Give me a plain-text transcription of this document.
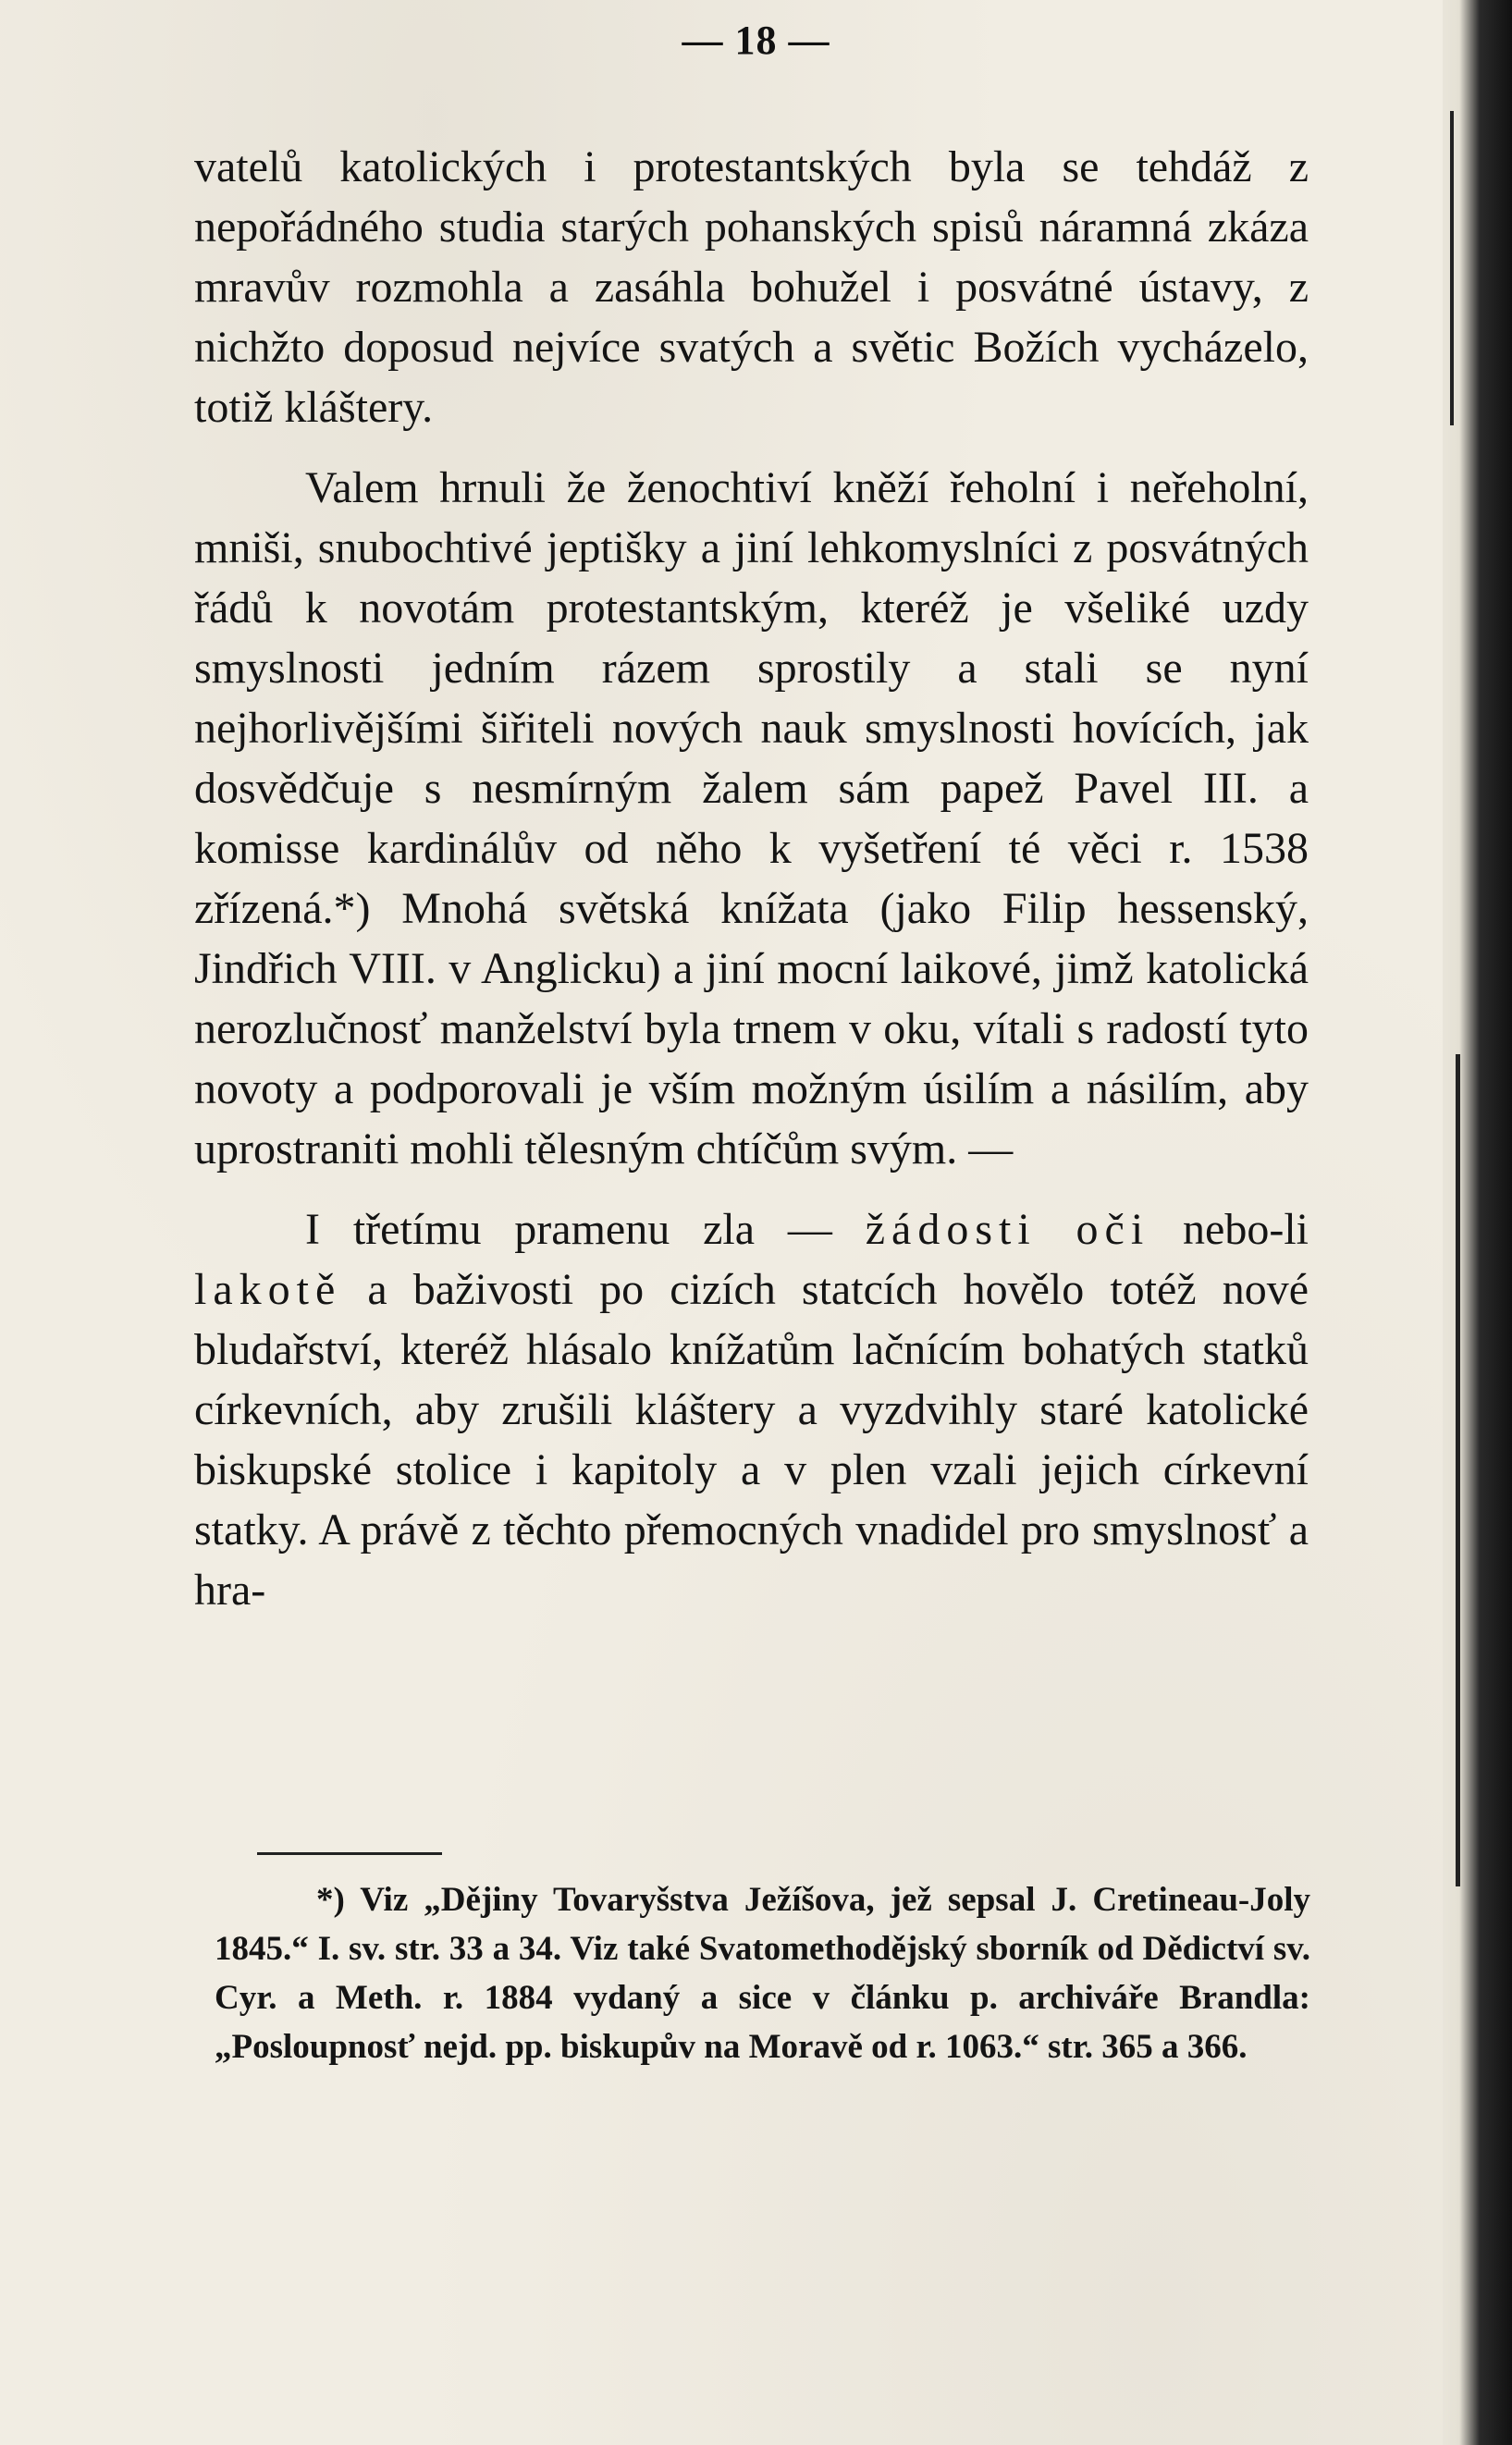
— 18 —

vatelů katolických i protestantských byla se tehdáž z nepořádného studia starých pohanských spisů náramná zkáza mravův rozmohla a zasáhla bohužel i posvátné ústavy, z nichžto doposud nejvíce svatých a světic Božích vycházelo, totiž kláštery.

Valem hrnuli že ženochtiví kněží řeholní i neřeholní, mniši, snubochtivé jeptišky a jiní lehkomyslníci z posvátných řádů k novotám protestantským, kteréž je všeliké uzdy smyslnosti jedním rázem sprostily a stali se nyní nejhorlivějšími šiřiteli nových nauk smyslnosti hovících, jak dosvědčuje s nesmírným žalem sám papež Pavel III. a komisse kardinálův od něho k vyšetření té věci r. 1538 zřízená.*) Mnohá světská knížata (jako Filip hessenský, Jindřich VIII. v Anglicku) a jiní mocní laikové, jimž katolická nerozlučnosť manželství byla trnem v oku, vítali s radostí tyto novoty a podporovali je vším možným úsilím a násilím, aby uprostraniti mohli tělesným chtíčům svým. —

I třetímu pramenu zla — žádosti oči nebo-li lakotě a baživosti po cizích statcích hovělo totéž nové bludařství, kteréž hlásalo knížatům lačnícím bohatých statků církevních, aby zrušili kláštery a vyzdvihly staré katolické biskupské stolice i kapitoly a v plen vzali jejich církevní statky. A právě z těchto přemocných vnadidel pro smyslnosť a hra-

*) Viz „Dějiny Tovaryšstva Ježíšova, jež sepsal J. Cretineau-Joly 1845.“ I. sv. str. 33 a 34. Viz také Svatomethodějský sborník od Dědictví sv. Cyr. a Meth. r. 1884 vydaný a sice v článku p. archiváře Brandla: „Posloupnosť nejd. pp. biskupův na Moravě od r. 1063.“ str. 365 a 366.
